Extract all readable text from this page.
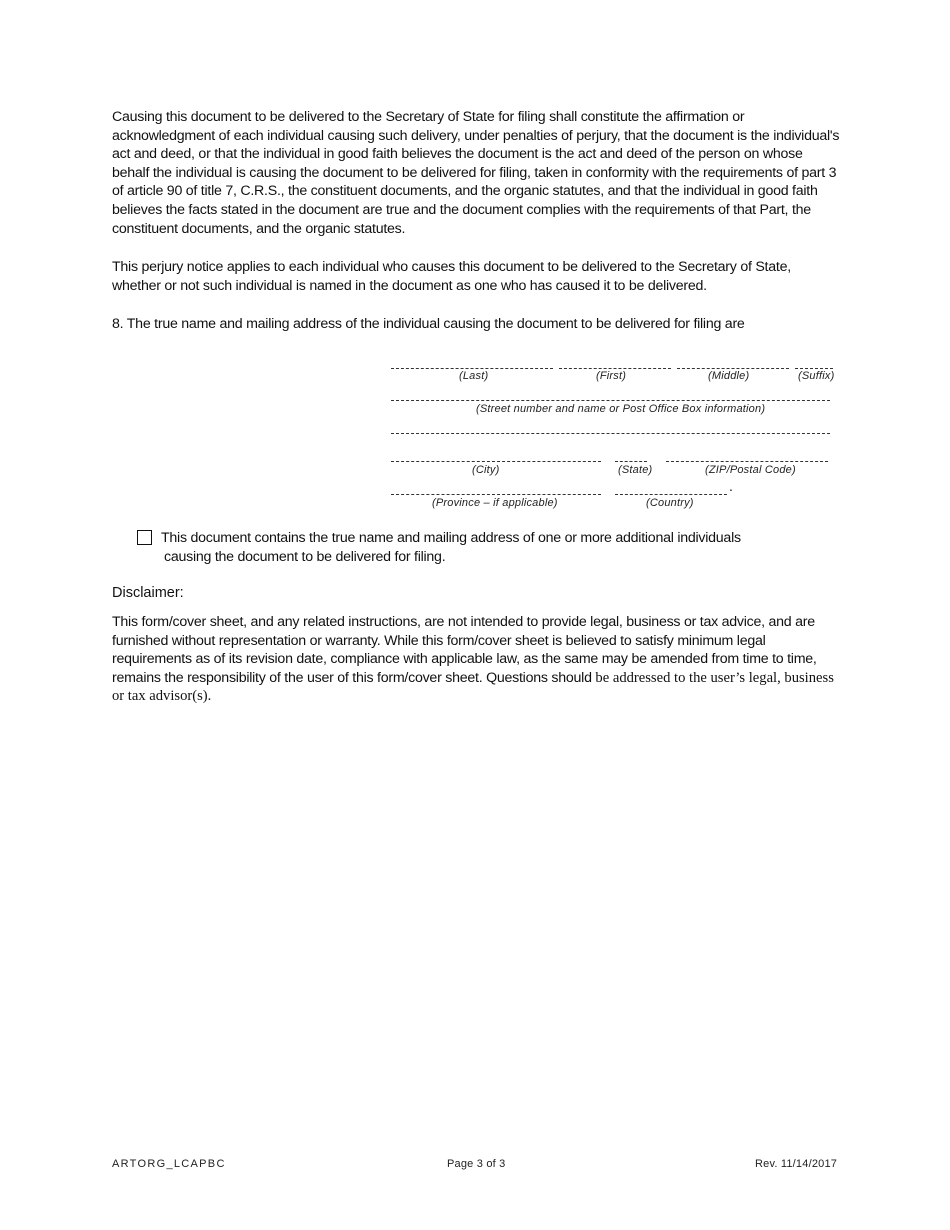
Causing this document to be delivered to the Secretary of State for filing shall constitute the affirmation or acknowledgment of each individual causing such delivery, under penalties of perjury, that the document is the individual's act and deed, or that the individual in good faith believes the document is the act and deed of the person on whose behalf the individual is causing the document to be delivered for filing, taken in conformity with the requirements of part 3 of article 90 of title 7, C.R.S., the constituent documents, and the organic statutes, and that the individual in good faith believes the facts stated in the document are true and the document complies with the requirements of that Part, the constituent documents, and the organic statutes.

This perjury notice applies to each individual who causes this document to be delivered to the Secretary of State, whether or not such individual is named in the document as one who has caused it to be delivered.

8. The true name and mailing address of the individual causing the document to be delivered for filing are

(Last)	(First)	(Middle)	(Suffix)
(Street number and name or Post Office Box information)
(City)	(State)	(ZIP/Postal Code)
.
(Province – if applicable)	(Country)
This document contains the true name and mailing address of one or more additional individuals
causing the document to be delivered for filing.
Disclaimer:

This form/cover sheet, and any related instructions, are not intended to provide legal, business or tax advice, and are furnished without representation or warranty. While this form/cover sheet is believed to satisfy minimum legal requirements as of its revision date, compliance with applicable law, as the same may be amended from time to time, remains the responsibility of the user of this form/cover sheet. Questions should be addressed to the user’s legal, business or tax advisor(s).

ARTORG_LCAPBC	Page 3 of 3	Rev. 11/14/2017
